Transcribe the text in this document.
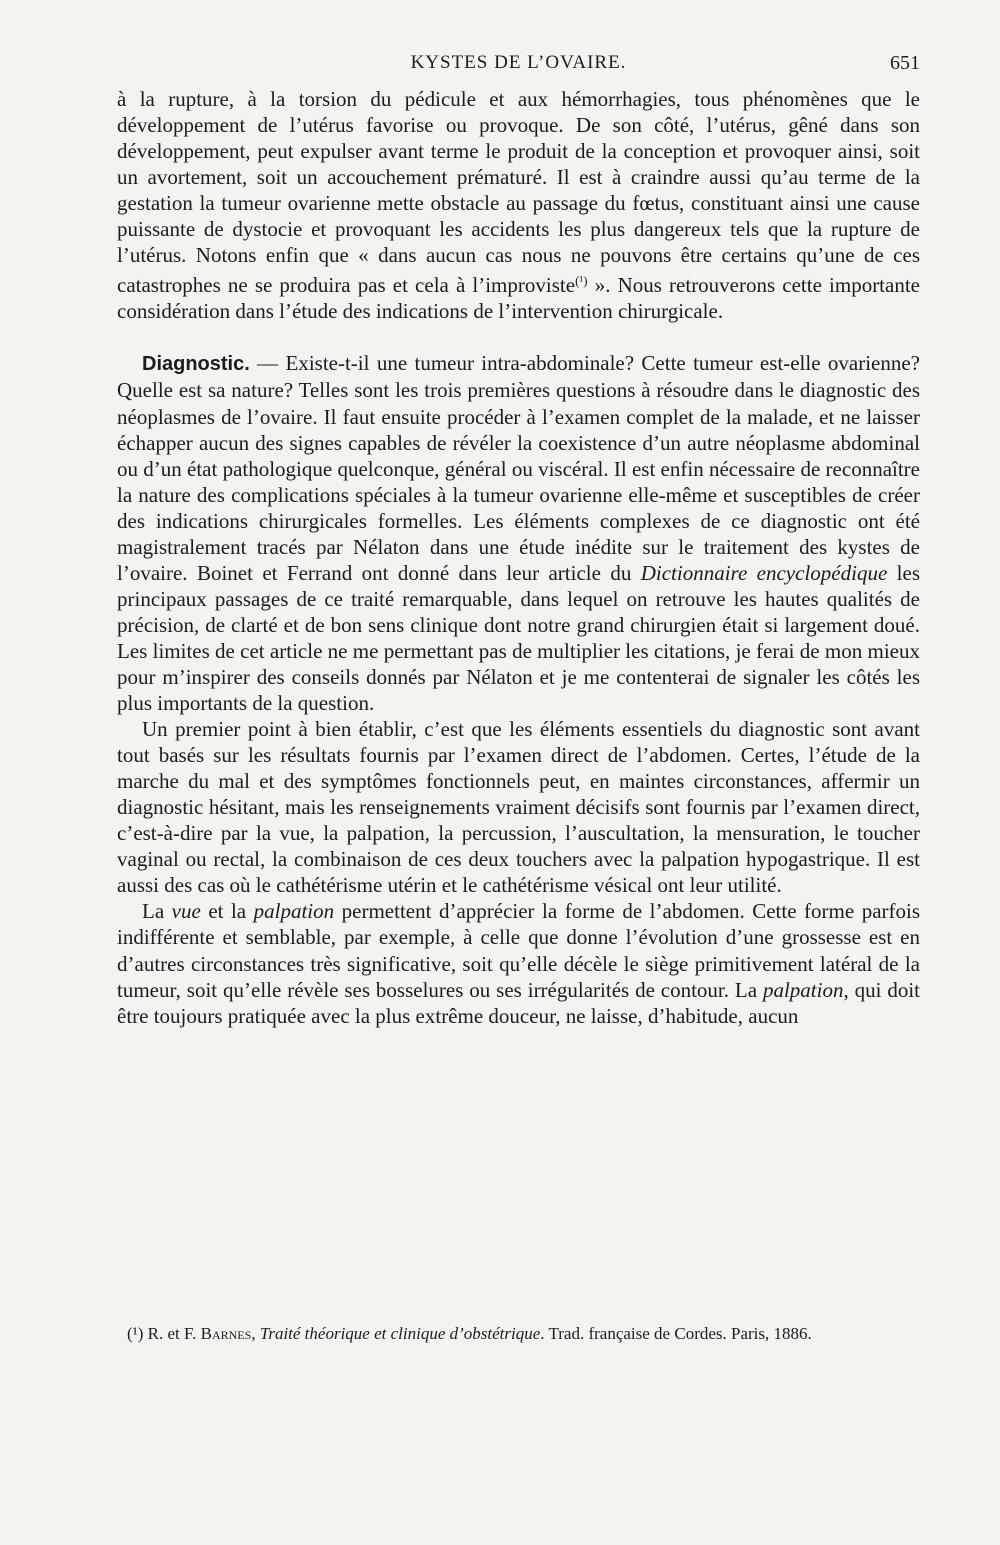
KYSTES DE L’OVAIRE.	651

à la rupture, à la torsion du pédicule et aux hémorrhagies, tous phénomènes que le développement de l’utérus favorise ou provoque. De son côté, l’utérus, gêné dans son développement, peut expulser avant terme le produit de la conception et provoquer ainsi, soit un avortement, soit un accouchement prématuré. Il est à craindre aussi qu’au terme de la gestation la tumeur ovarienne mette obstacle au passage du fœtus, constituant ainsi une cause puissante de dystocie et provoquant les accidents les plus dangereux tels que la rupture de l’utérus. Notons enfin que « dans aucun cas nous ne pouvons être certains qu’une de ces catastrophes ne se produira pas et cela à l’improviste$^{(^1)}$ ». Nous retrouverons cette importante considération dans l’étude des indications de l’intervention chirurgicale.

Diagnostic. — Existe-t-il une tumeur intra-abdominale? Cette tumeur est-elle ovarienne? Quelle est sa nature? Telles sont les trois premières questions à résoudre dans le diagnostic des néoplasmes de l’ovaire. Il faut ensuite procéder à l’examen complet de la malade, et ne laisser échapper aucun des signes capables de révéler la coexistence d’un autre néoplasme abdominal ou d’un état pathologique quelconque, général ou viscéral. Il est enfin nécessaire de reconnaître la nature des complications spéciales à la tumeur ovarienne elle-même et susceptibles de créer des indications chirurgicales formelles. Les éléments complexes de ce diagnostic ont été magistralement tracés par Nélaton dans une étude inédite sur le traitement des kystes de l’ovaire. Boinet et Ferrand ont donné dans leur article du Dictionnaire encyclopédique les principaux passages de ce traité remarquable, dans lequel on retrouve les hautes qualités de précision, de clarté et de bon sens clinique dont notre grand chirurgien était si largement doué. Les limites de cet article ne me permettant pas de multiplier les citations, je ferai de mon mieux pour m’inspirer des conseils donnés par Nélaton et je me contenterai de signaler les côtés les plus importants de la question.

Un premier point à bien établir, c’est que les éléments essentiels du diagnostic sont avant tout basés sur les résultats fournis par l’examen direct de l’abdomen. Certes, l’étude de la marche du mal et des symptômes fonctionnels peut, en maintes circonstances, affermir un diagnostic hésitant, mais les renseignements vraiment décisifs sont fournis par l’examen direct, c’est-à-dire par la vue, la palpation, la percussion, l’auscultation, la mensuration, le toucher vaginal ou rectal, la combinaison de ces deux touchers avec la palpation hypogastrique. Il est aussi des cas où le cathétérisme utérin et le cathétérisme vésical ont leur utilité.

La vue et la palpation permettent d’apprécier la forme de l’abdomen. Cette forme parfois indifférente et semblable, par exemple, à celle que donne l’évolution d’une grossesse est en d’autres circonstances très significative, soit qu’elle décèle le siège primitivement latéral de la tumeur, soit qu’elle révèle ses bosselures ou ses irrégularités de contour. La palpation, qui doit être toujours pratiquée avec la plus extrême douceur, ne laisse, d’habitude, aucun

(¹) R. et F. Barnes, Traité théorique et clinique d’obstétrique. Trad. française de Cordes. Paris, 1886.
